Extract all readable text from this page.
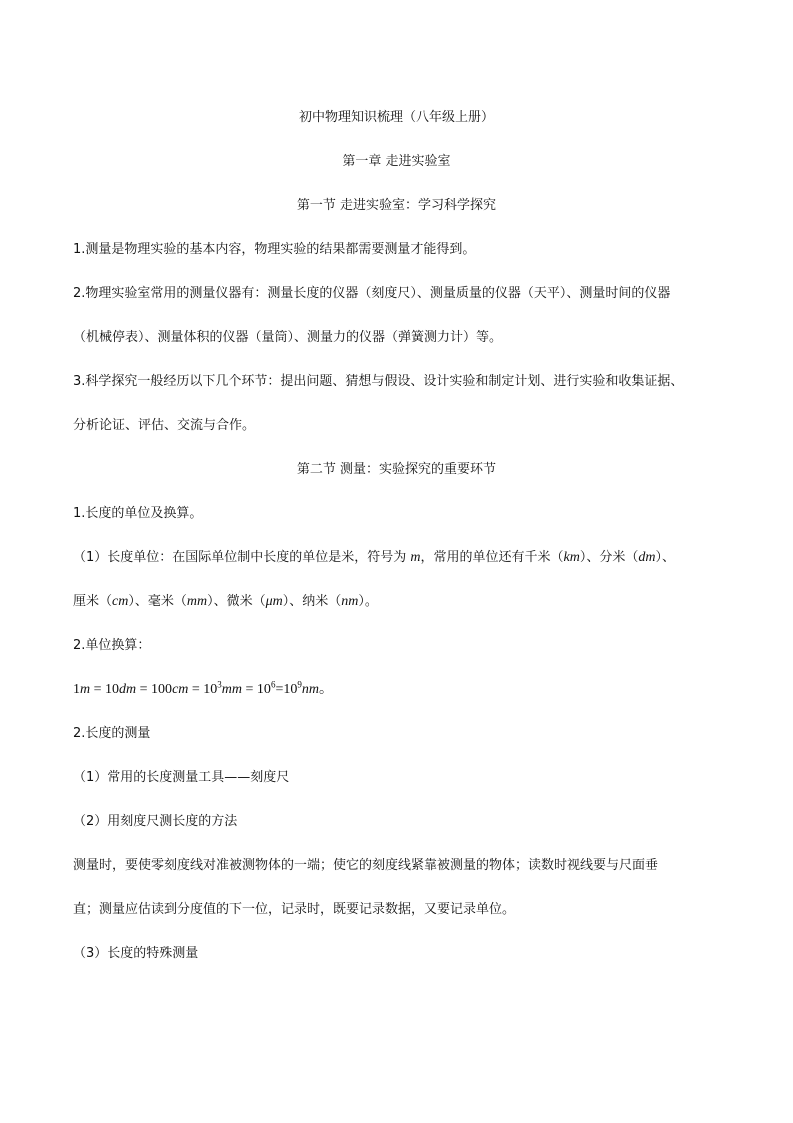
初中物理知识梳理（八年级上册）
第一章 走进实验室
第一节 走进实验室：学习科学探究
1.测量是物理实验的基本内容，物理实验的结果都需要测量才能得到。
2.物理实验室常用的测量仪器有：测量长度的仪器（刻度尺）、测量质量的仪器（天平）、测量时间的仪器
（机械停表）、测量体积的仪器（量筒）、测量力的仪器（弹簧测力计）等。
3.科学探究一般经历以下几个环节：提出问题、猜想与假设、设计实验和制定计划、进行实验和收集证据、
分析论证、评估、交流与合作。
第二节 测量：实验探究的重要环节
1.长度的单位及换算。
（1）长度单位：在国际单位制中长度的单位是米，符号为 m，常用的单位还有千米（km）、分米（dm）、
厘米（cm）、毫米（mm）、微米（μm）、纳米（nm）。
2.单位换算：
$1m = 10dm = 100cm = 10^3mm = 10^6=10^9nm$。
2.长度的测量
（1）常用的长度测量工具——刻度尺
（2）用刻度尺测长度的方法
测量时，要使零刻度线对准被测物体的一端；使它的刻度线紧靠被测量的物体；读数时视线要与尺面垂
直；测量应估读到分度值的下一位，记录时，既要记录数据，又要记录单位。
（3）长度的特殊测量
